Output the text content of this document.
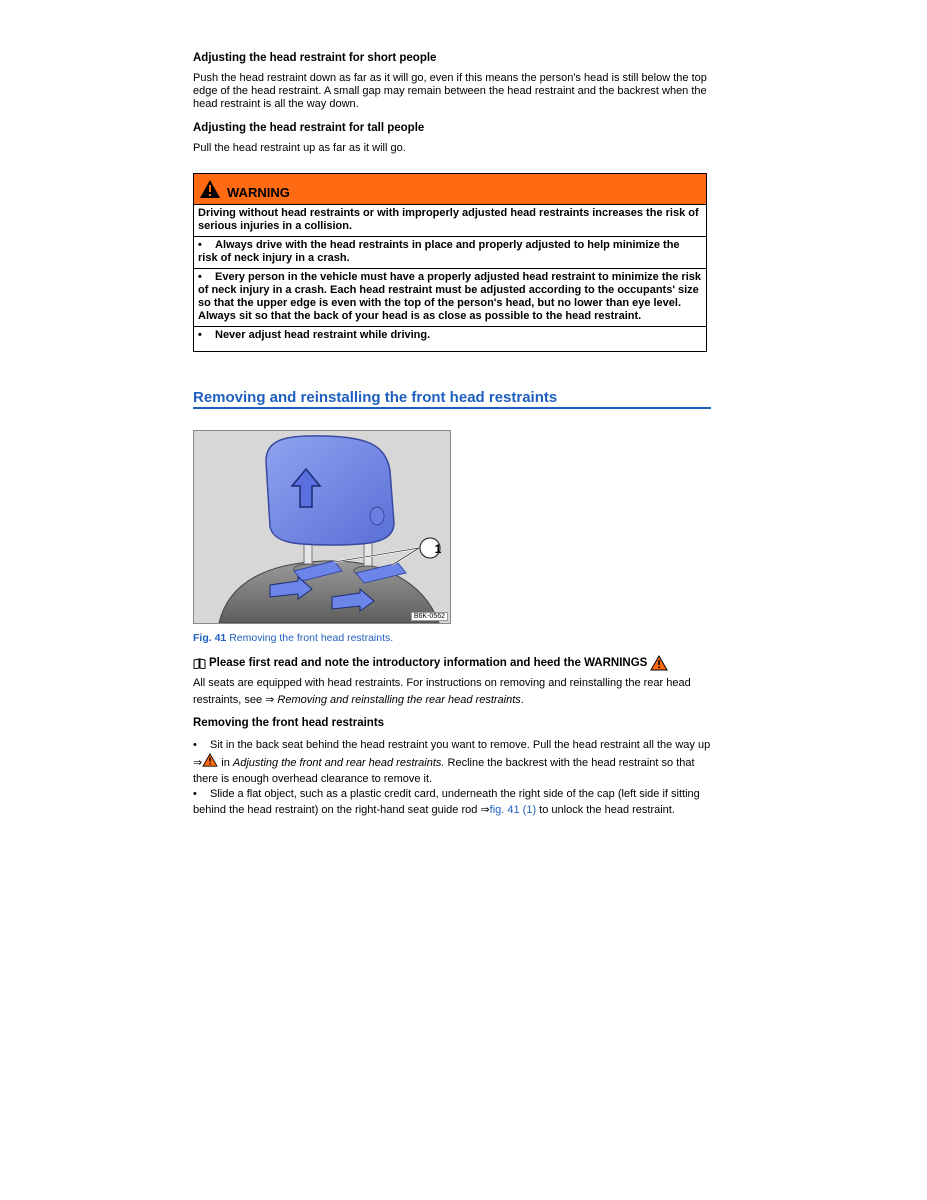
Adjusting the head restraint for short people
Push the head restraint down as far as it will go, even if this means the person's head is still below the top edge of the head restraint. A small gap may remain between the head restraint and the backrest when the head restraint is all the way down.
Adjusting the head restraint for tall people
Pull the head restraint up as far as it will go.
WARNING
Driving without head restraints or with improperly adjusted head restraints increases the risk of serious injuries in a collision.
• Always drive with the head restraints in place and properly adjusted to help minimize the risk of neck injury in a crash.
• Every person in the vehicle must have a properly adjusted head restraint to minimize the risk of neck injury in a crash. Each head restraint must be adjusted according to the occupants' size so that the upper edge is even with the top of the person's head, but no lower than eye level. Always sit so that the back of your head is as close as possible to the head restraint.
• Never adjust head restraint while driving.
Removing and reinstalling the front head restraints
1
B6K-0562
Fig. 41 Removing the front head restraints.
Please first read and note the introductory information and heed the WARNINGS
All seats are equipped with head restraints. For instructions on removing and reinstalling the rear head restraints, see ⇒ Removing and reinstalling the rear head restraints.
Removing the front head restraints
• Sit in the back seat behind the head restraint you want to remove. Pull the head restraint all the way up ⇒ in Adjusting the front and rear head restraints. Recline the backrest with the head restraint so that there is enough overhead clearance to remove it.
• Slide a flat object, such as a plastic credit card, underneath the right side of the cap (left side if sitting behind the head restraint) on the right-hand seat guide rod ⇒fig. 41 (1) to unlock the head restraint.
